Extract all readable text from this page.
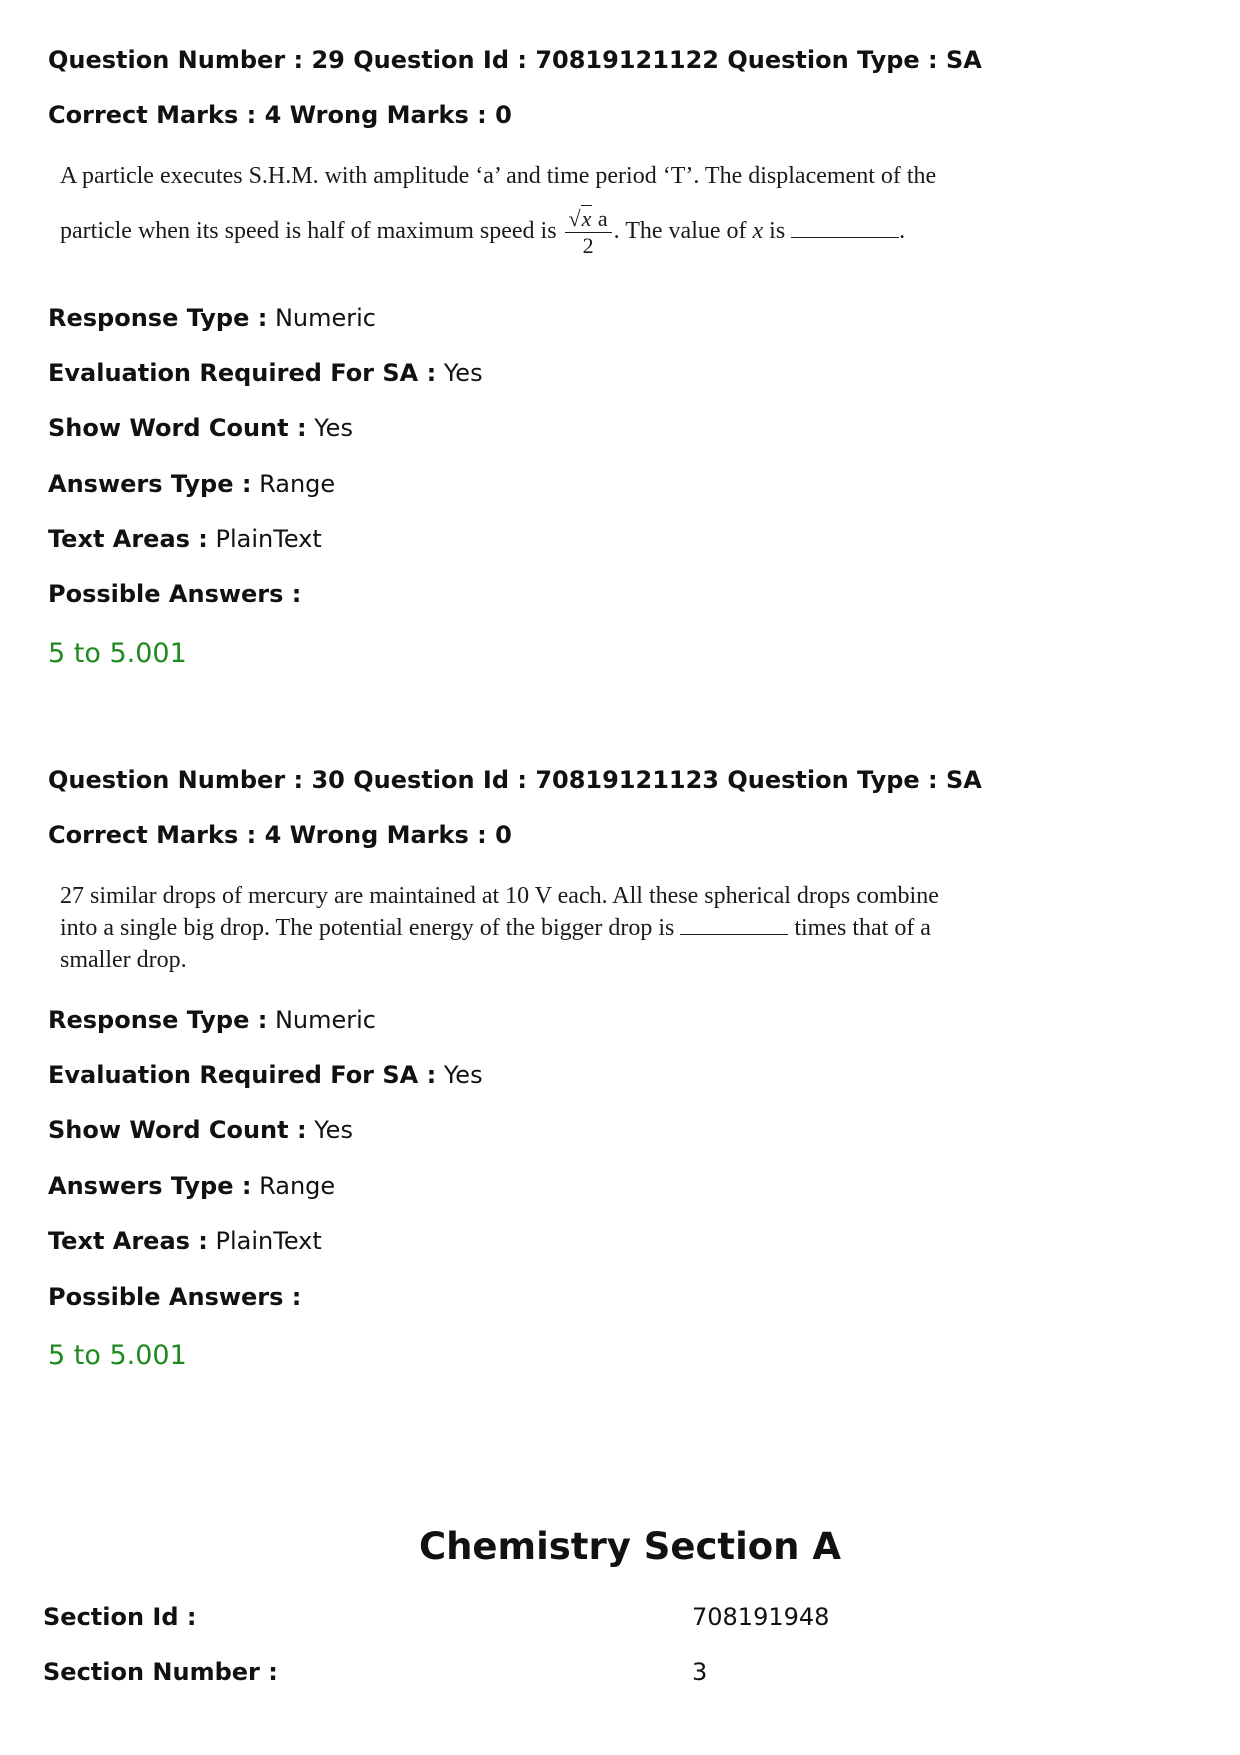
Question Number : 29 Question Id : 70819121122 Question Type : SA
Correct Marks : 4 Wrong Marks : 0
A particle executes S.H.M. with amplitude ‘a’ and time period ‘T’. The displacement of the
particle when its speed is half of maximum speed is $\frac{\text{√x a}}{2}$ . The value of x is	.
Response Type : Numeric
Evaluation Required For SA : Yes
Show Word Count : Yes
Answers Type : Range
Text Areas : PlainText
Possible Answers :
5 to 5.001
Question Number : 30 Question Id : 70819121123 Question Type : SA
Correct Marks : 4 Wrong Marks : 0
27 similar drops of mercury are maintained at 10 V each. All these spherical drops combine
into a single big drop. The potential energy of the bigger drop is	times that of a
smaller drop.
Response Type : Numeric
Evaluation Required For SA : Yes
Show Word Count : Yes
Answers Type : Range
Text Areas : PlainText
Possible Answers :
5 to 5.001
Chemistry Section A
Section Id :	708191948
Section Number :	3
